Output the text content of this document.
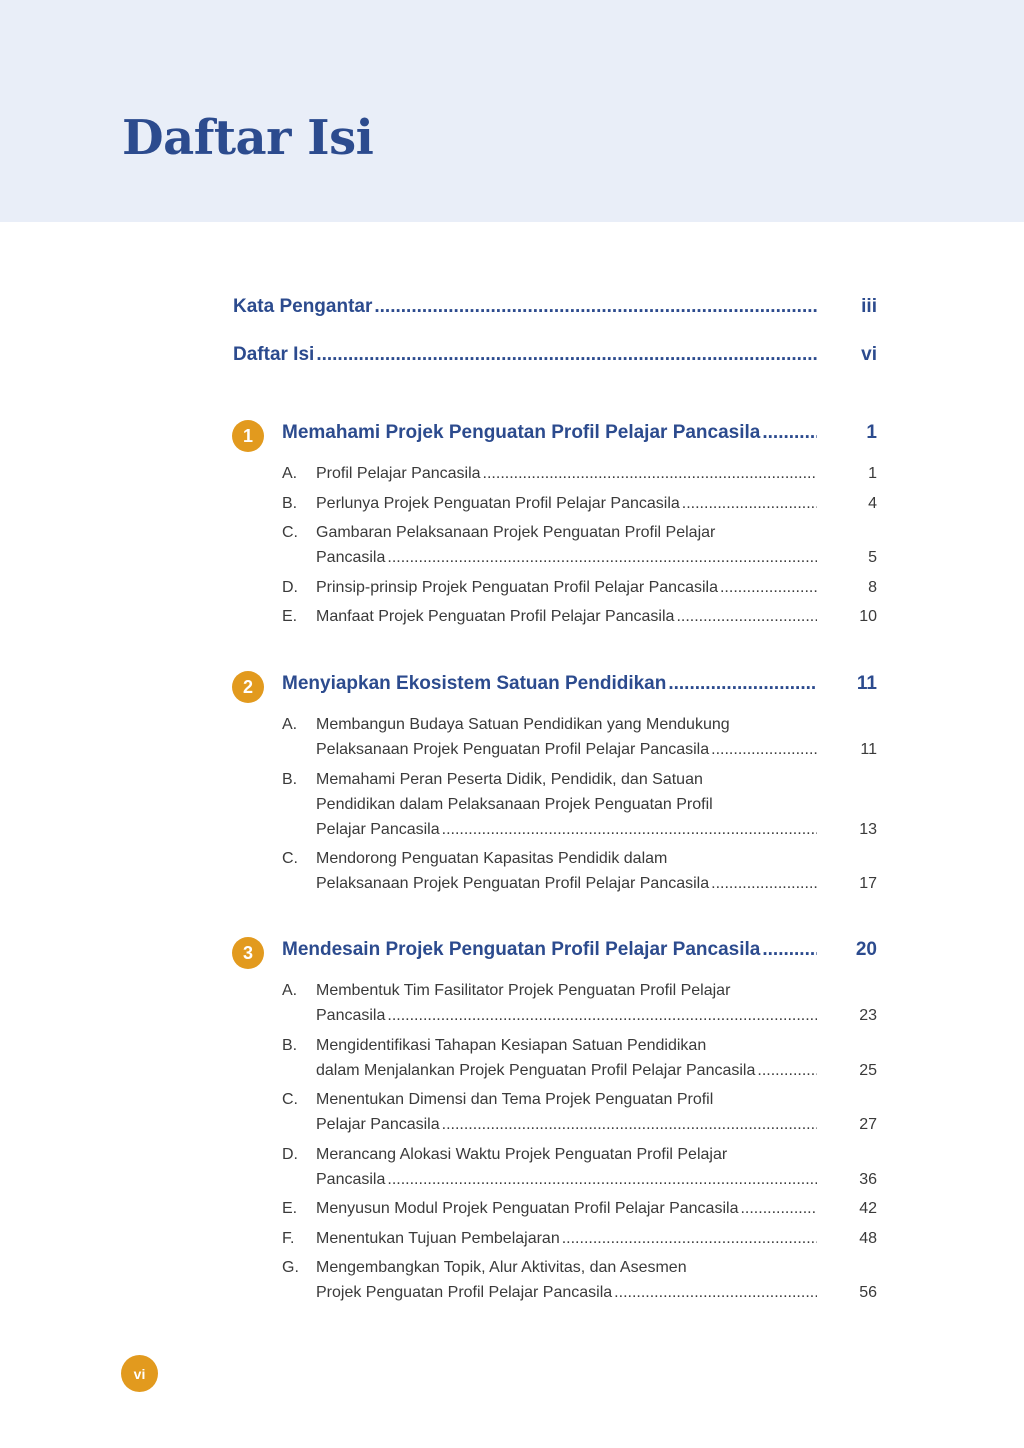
Daftar Isi
Kata Pengantar .....	iii
Daftar Isi .....	vi
1	Memahami Projek Penguatan Profil Pelajar Pancasila .....	1
A.	Profil Pelajar Pancasila .....	1
B.	Perlunya Projek Penguatan Profil Pelajar Pancasila .....	4
C.	Gambaran Pelaksanaan Projek Penguatan Profil Pelajar
Pancasila .....	5
D.	Prinsip-prinsip Projek Penguatan Profil Pelajar Pancasila .....	8
E.	Manfaat Projek Penguatan Profil Pelajar Pancasila .....	10
2	Menyiapkan Ekosistem Satuan Pendidikan .....	11
A.	Membangun Budaya Satuan Pendidikan yang Mendukung
Pelaksanaan Projek Penguatan Profil Pelajar Pancasila .....	11
B.	Memahami Peran Peserta Didik, Pendidik, dan Satuan
Pendidikan dalam Pelaksanaan Projek Penguatan Profil
Pelajar Pancasila .....	13
C.	Mendorong Penguatan Kapasitas Pendidik dalam
Pelaksanaan Projek Penguatan Profil Pelajar Pancasila .....	17
3	Mendesain Projek Penguatan Profil Pelajar Pancasila .....	20
A.	Membentuk Tim Fasilitator Projek Penguatan Profil Pelajar
Pancasila .....	23
B.	Mengidentifikasi Tahapan Kesiapan Satuan Pendidikan
dalam Menjalankan Projek Penguatan Profil Pelajar Pancasila .....	25
C.	Menentukan Dimensi dan Tema Projek Penguatan Profil
Pelajar Pancasila .....	27
D.	Merancang Alokasi Waktu Projek Penguatan Profil Pelajar
Pancasila .....	36
E.	Menyusun Modul Projek Penguatan Profil Pelajar Pancasila .....	42
F.	Menentukan Tujuan Pembelajaran .....	48
G.	Mengembangkan Topik, Alur Aktivitas, dan Asesmen
Projek Penguatan Profil Pelajar Pancasila .....	56
vi
